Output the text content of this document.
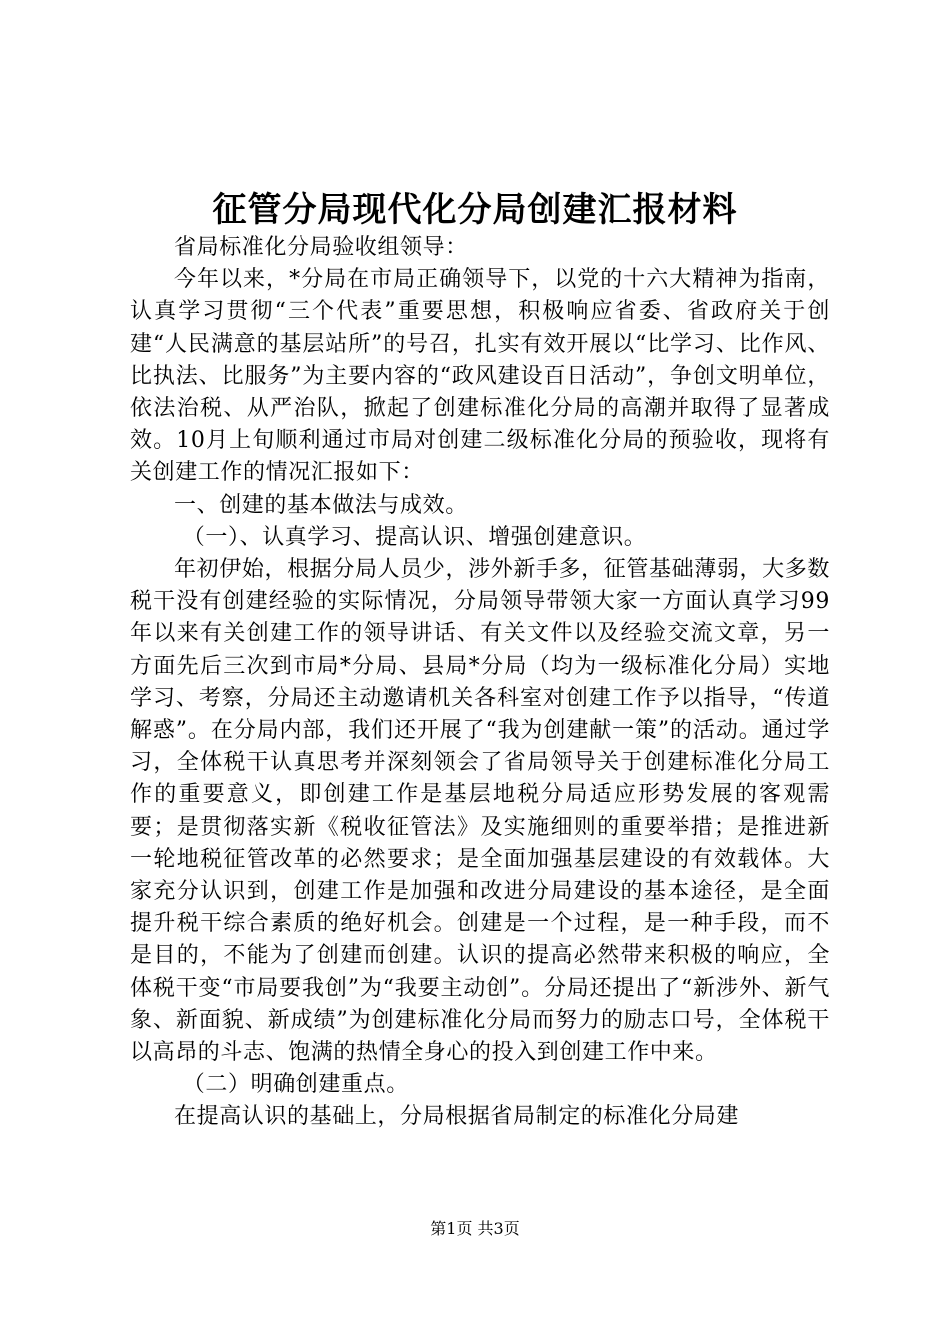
征管分局现代化分局创建汇报材料

省局标准化分局验收组领导：

今年以来，*分局在市局正确领导下，以党的十六大精神为指南，认真学习贯彻“三个代表”重要思想，积极响应省委、省政府关于创建“人民满意的基层站所”的号召，扎实有效开展以“比学习、比作风、比执法、比服务”为主要内容的“政风建设百日活动”，争创文明单位，依法治税、从严治队，掀起了创建标准化分局的高潮并取得了显著成效。10月上旬顺利通过市局对创建二级标准化分局的预验收，现将有关创建工作的情况汇报如下：

一、创建的基本做法与成效。

（一）、认真学习、提高认识、增强创建意识。

年初伊始，根据分局人员少，涉外新手多，征管基础薄弱，大多数税干没有创建经验的实际情况，分局领导带领大家一方面认真学习99年以来有关创建工作的领导讲话、有关文件以及经验交流文章，另一方面先后三次到市局*分局、县局*分局（均为一级标准化分局）实地学习、考察，分局还主动邀请机关各科室对创建工作予以指导，“传道解惑”。在分局内部，我们还开展了“我为创建献一策”的活动。通过学习，全体税干认真思考并深刻领会了省局领导关于创建标准化分局工作的重要意义，即创建工作是基层地税分局适应形势发展的客观需要；是贯彻落实新《税收征管法》及实施细则的重要举措；是推进新一轮地税征管改革的必然要求；是全面加强基层建设的有效载体。大家充分认识到，创建工作是加强和改进分局建设的基本途径，是全面提升税干综合素质的绝好机会。创建是一个过程，是一种手段，而不是目的，不能为了创建而创建。认识的提高必然带来积极的响应，全体税干变“市局要我创”为“我要主动创”。分局还提出了“新涉外、新气象、新面貌、新成绩”为创建标准化分局而努力的励志口号，全体税干以高昂的斗志、饱满的热情全身心的投入到创建工作中来。

（二）明确创建重点。

在提高认识的基础上，分局根据省局制定的标准化分局建

第1页 共3页
